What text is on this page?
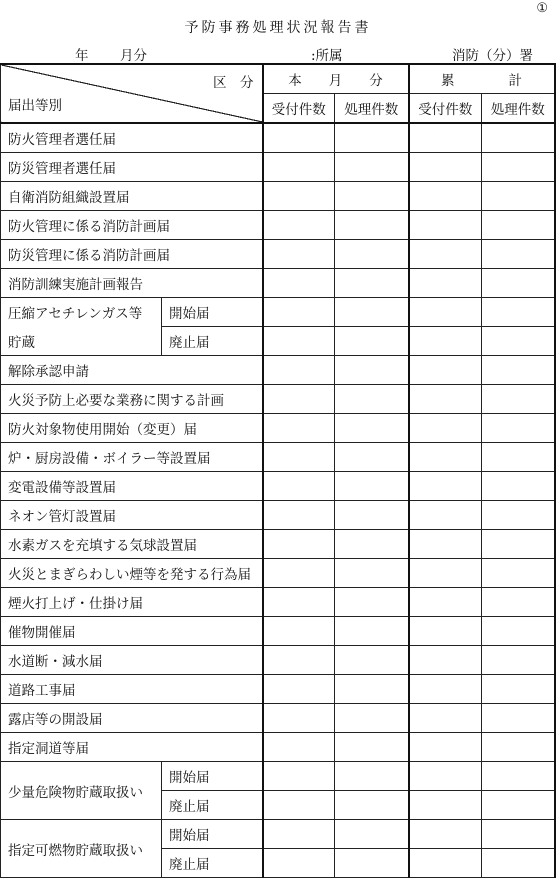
①
予防事務処理状況報告書
年 月分	:所属	消防（分）署
区　分
届出等別		本　　月　　分		累　　　　計	
		受付件数	処理件数	受付件数	処理件数
防火管理者選任届					
防災管理者選任届					
自衛消防組織設置届					
防火管理に係る消防計画届					
防災管理に係る消防計画届					
消防訓練実施計画報告					
圧縮アセチレンガス等	開始届				
貯蔵	廃止届				
解除承認申請					
火災予防上必要な業務に関する計画					
防火対象物使用開始（変更）届					
炉・厨房設備・ボイラー等設置届					
変電設備等設置届					
ネオン管灯設置届					
水素ガスを充填する気球設置届					
火災とまぎらわしい煙等を発する行為届					
煙火打上げ・仕掛け届					
催物開催届					
水道断・減水届					
道路工事届					
露店等の開設届					
指定洞道等届					
少量危険物貯蔵取扱い	開始届				
	廃止届				
指定可燃物貯蔵取扱い	開始届				
	廃止届				
